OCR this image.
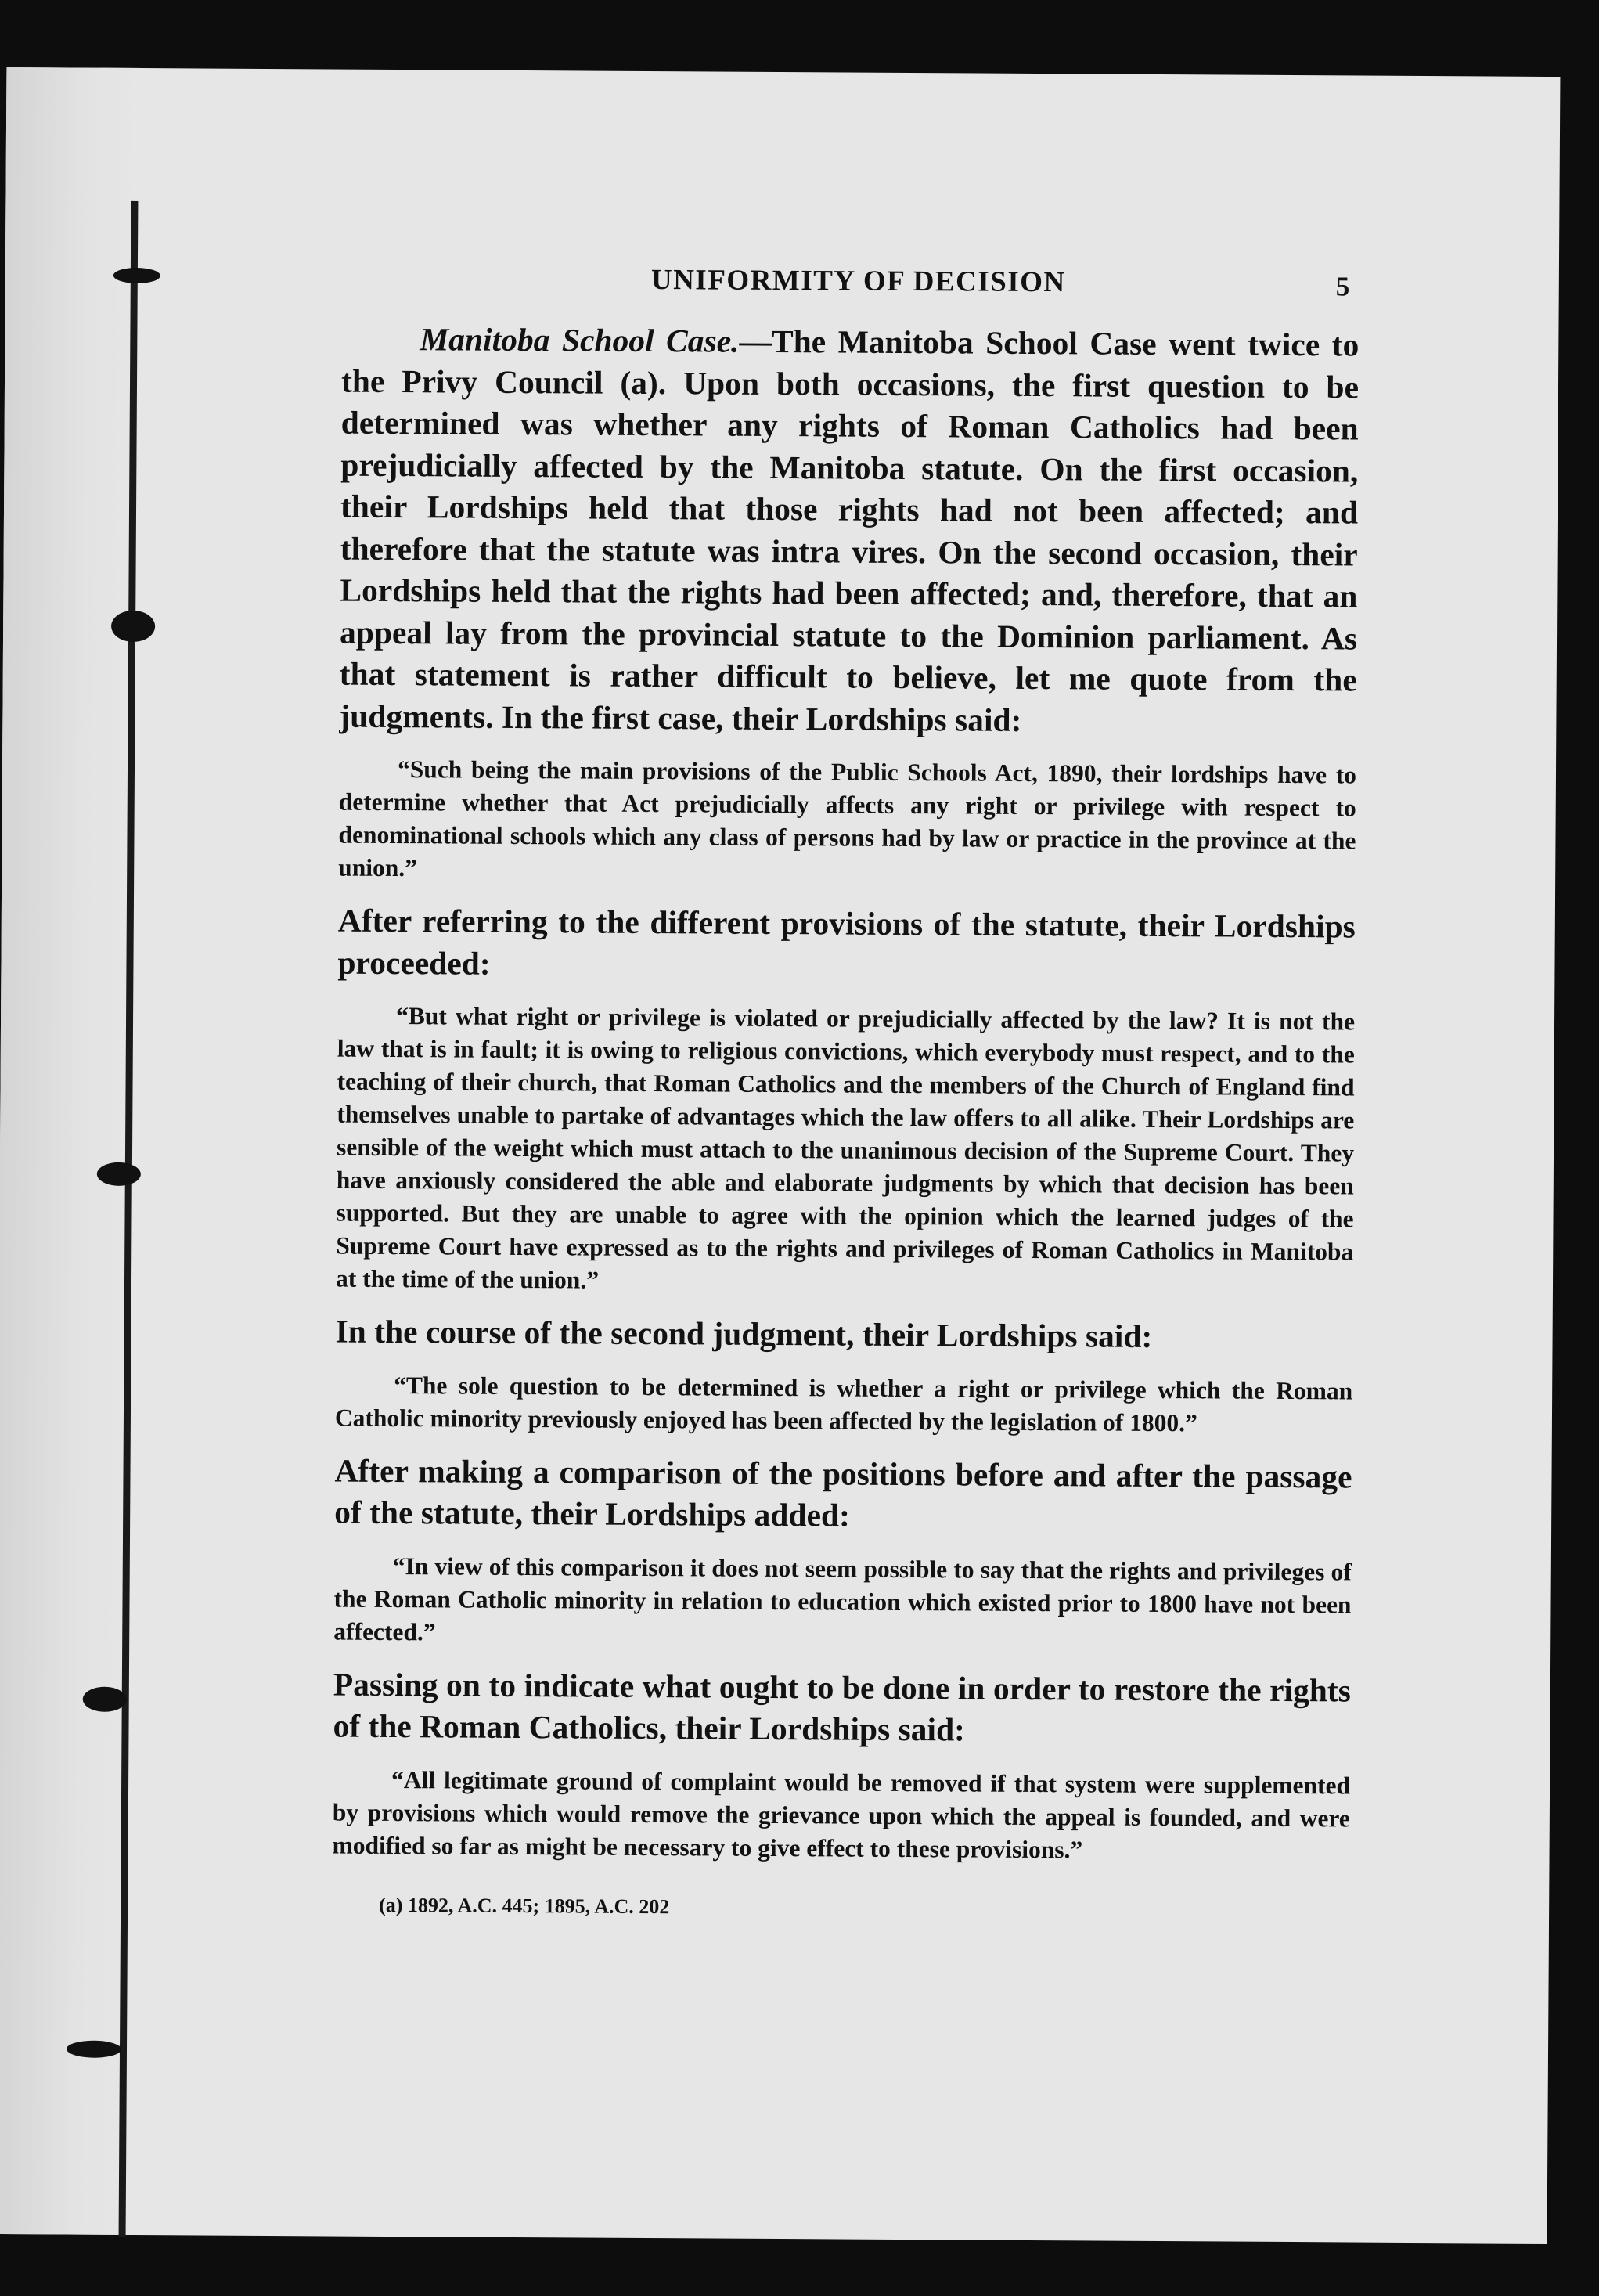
UNIFORMITY OF DECISION	5

Manitoba School Case.—The Manitoba School Case went twice to the Privy Council (a). Upon both occasions, the first question to be determined was whether any rights of Roman Catholics had been prejudicially affected by the Manitoba statute. On the first occasion, their Lordships held that those rights had not been affected; and therefore that the statute was intra vires. On the second occasion, their Lordships held that the rights had been affected; and, therefore, that an appeal lay from the provincial statute to the Dominion parliament. As that statement is rather difficult to believe, let me quote from the judgments. In the first case, their Lordships said:

“Such being the main provisions of the Public Schools Act, 1890, their lordships have to determine whether that Act prejudicially affects any right or privilege with respect to denominational schools which any class of persons had by law or practice in the province at the union.”

After referring to the different provisions of the statute, their Lordships proceeded:

“But what right or privilege is violated or prejudicially affected by the law? It is not the law that is in fault; it is owing to religious convictions, which everybody must respect, and to the teaching of their church, that Roman Catholics and the members of the Church of England find themselves unable to partake of advantages which the law offers to all alike. Their Lordships are sensible of the weight which must attach to the unanimous decision of the Supreme Court. They have anxiously considered the able and elaborate judgments by which that decision has been supported. But they are unable to agree with the opinion which the learned judges of the Supreme Court have expressed as to the rights and privileges of Roman Catholics in Manitoba at the time of the union.”

In the course of the second judgment, their Lordships said:

“The sole question to be determined is whether a right or privilege which the Roman Catholic minority previously enjoyed has been affected by the legislation of 1800.”

After making a comparison of the positions before and after the passage of the statute, their Lordships added:

“In view of this comparison it does not seem possible to say that the rights and privileges of the Roman Catholic minority in relation to education which existed prior to 1800 have not been affected.”

Passing on to indicate what ought to be done in order to restore the rights of the Roman Catholics, their Lordships said:

“All legitimate ground of complaint would be removed if that system were supplemented by provisions which would remove the grievance upon which the appeal is founded, and were modified so far as might be necessary to give effect to these provisions.”

(a) 1892, A.C. 445; 1895, A.C. 202
